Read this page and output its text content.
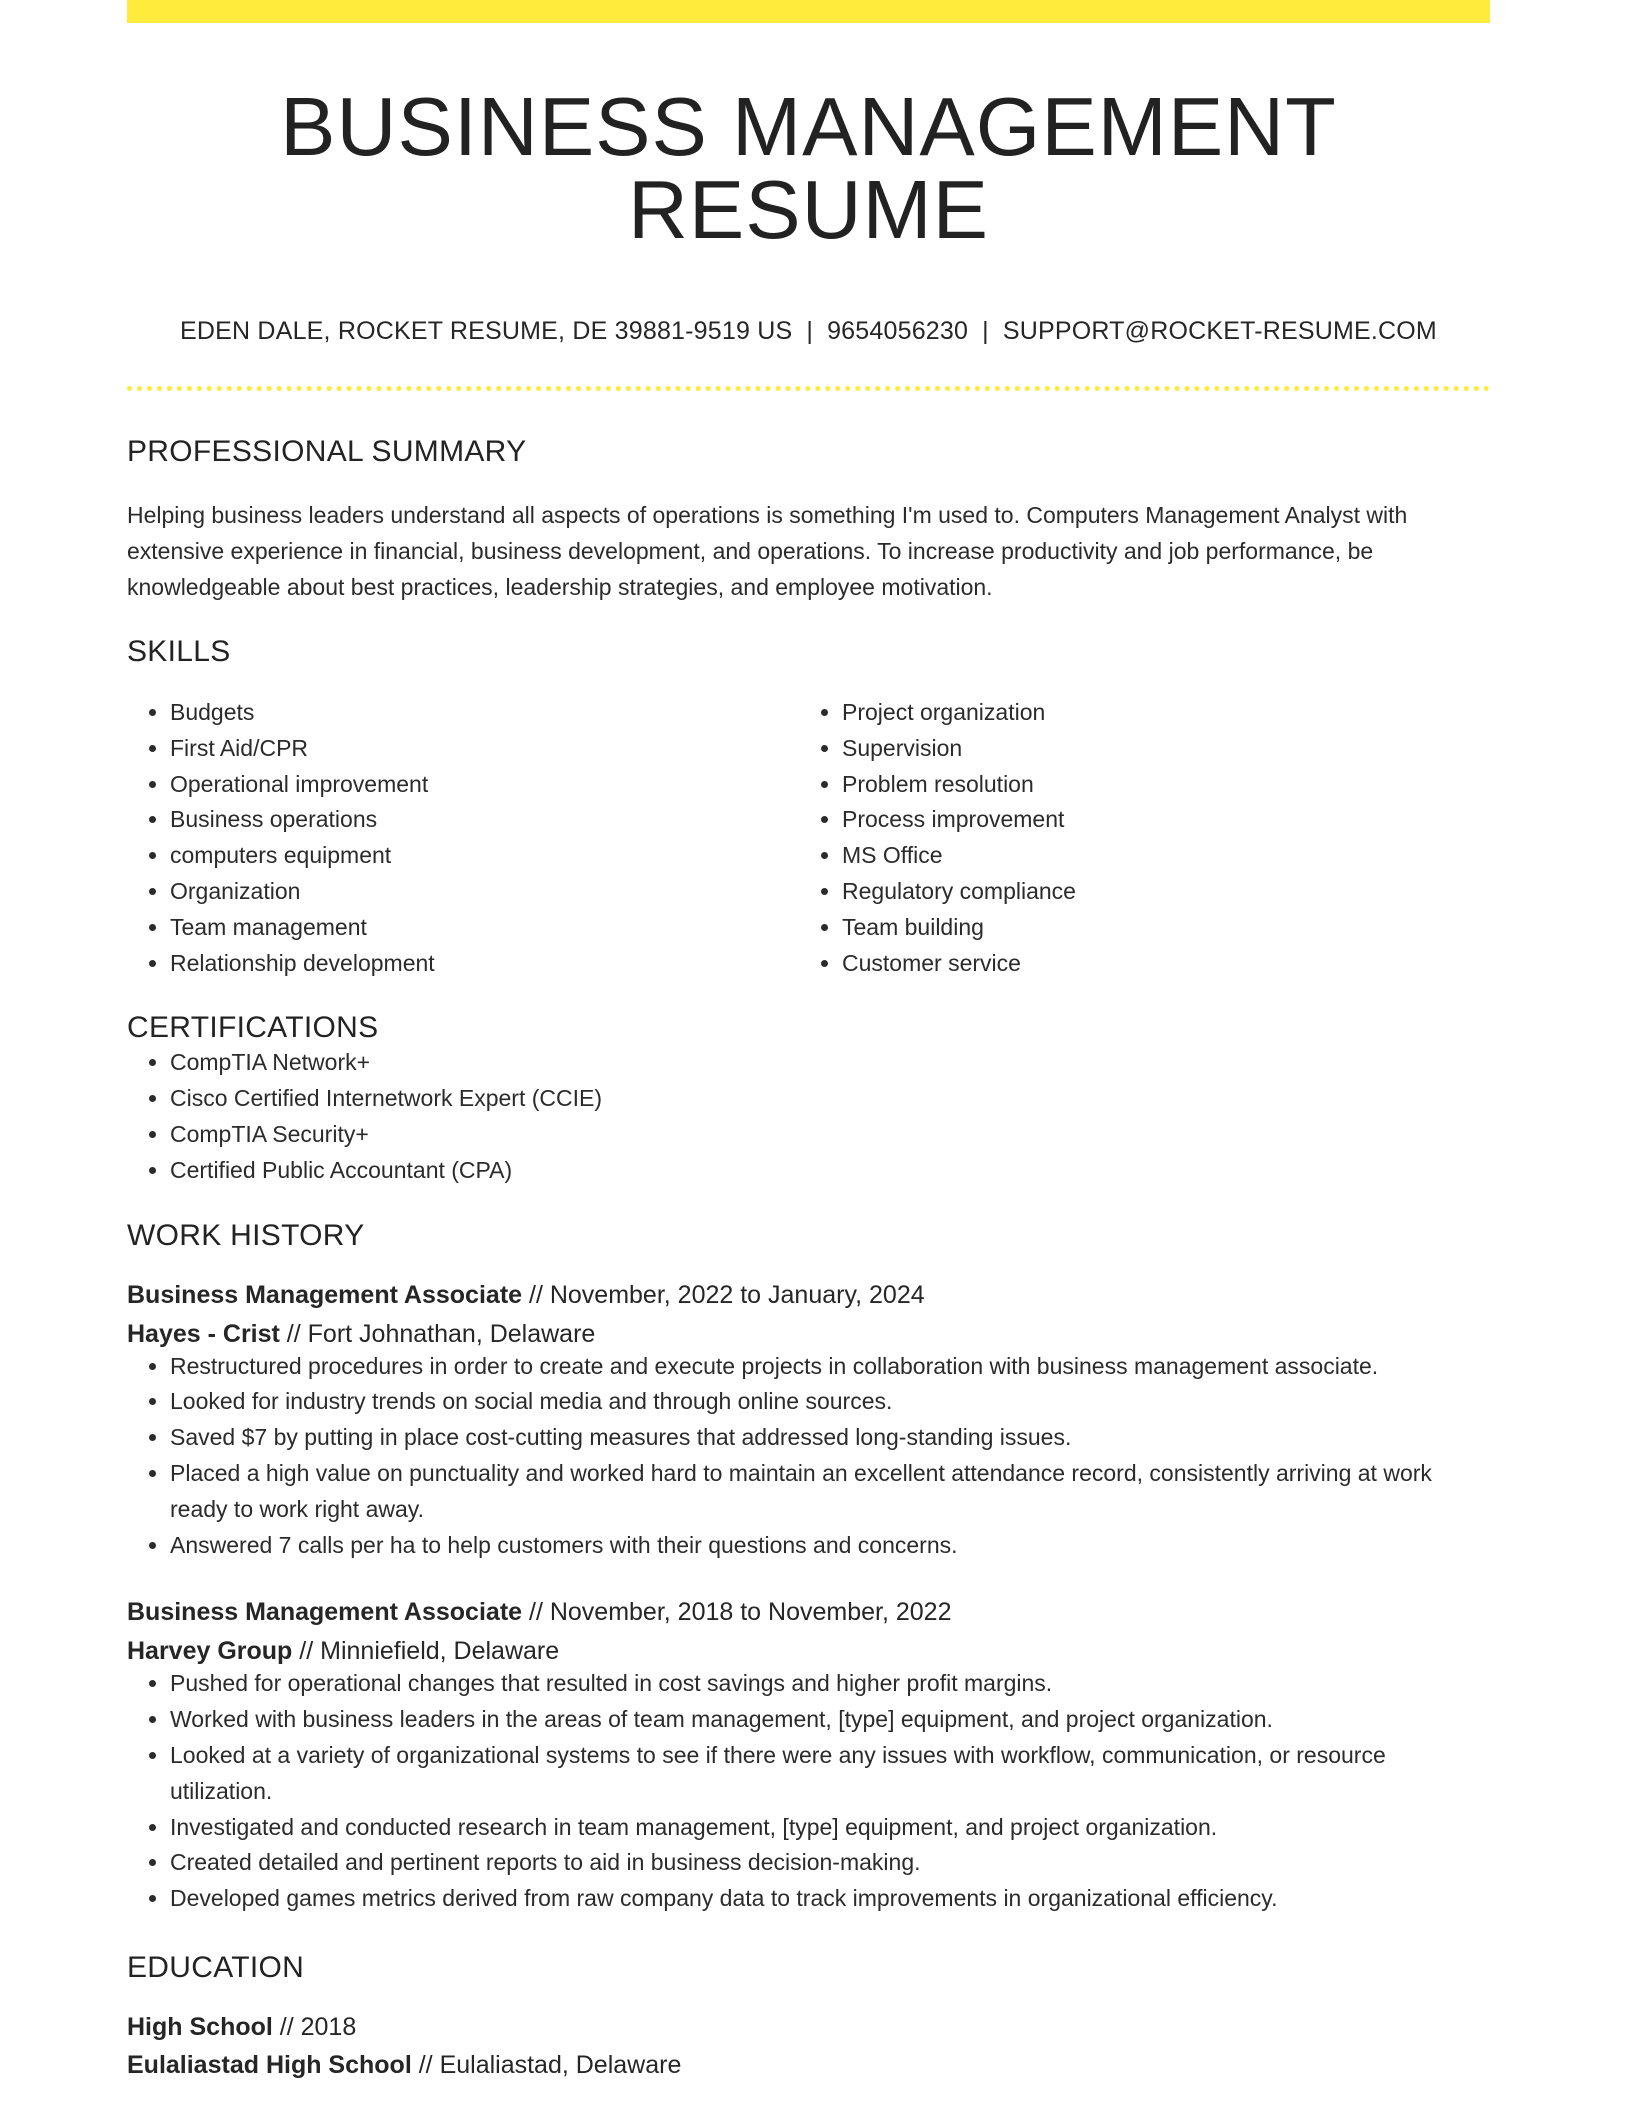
BUSINESS MANAGEMENT RESUME
EDEN DALE, ROCKET RESUME, DE 39881-9519 US | 9654056230 | SUPPORT@ROCKET-RESUME.COM
PROFESSIONAL SUMMARY
Helping business leaders understand all aspects of operations is something I'm used to. Computers Management Analyst with extensive experience in financial, business development, and operations. To increase productivity and job performance, be knowledgeable about best practices, leadership strategies, and employee motivation.
SKILLS
• Budgets
• First Aid/CPR
• Operational improvement
• Business operations
• computers equipment
• Organization
• Team management
• Relationship development
• Project organization
• Supervision
• Problem resolution
• Process improvement
• MS Office
• Regulatory compliance
• Team building
• Customer service
CERTIFICATIONS
• CompTIA Network+
• Cisco Certified Internetwork Expert (CCIE)
• CompTIA Security+
• Certified Public Accountant (CPA)
WORK HISTORY
Business Management Associate // November, 2022 to January, 2024
Hayes - Crist // Fort Johnathan, Delaware
• Restructured procedures in order to create and execute projects in collaboration with business management associate.
• Looked for industry trends on social media and through online sources.
• Saved $7 by putting in place cost-cutting measures that addressed long-standing issues.
• Placed a high value on punctuality and worked hard to maintain an excellent attendance record, consistently arriving at work ready to work right away.
• Answered 7 calls per ha to help customers with their questions and concerns.
Business Management Associate // November, 2018 to November, 2022
Harvey Group // Minniefield, Delaware
• Pushed for operational changes that resulted in cost savings and higher profit margins.
• Worked with business leaders in the areas of team management, [type] equipment, and project organization.
• Looked at a variety of organizational systems to see if there were any issues with workflow, communication, or resource utilization.
• Investigated and conducted research in team management, [type] equipment, and project organization.
• Created detailed and pertinent reports to aid in business decision-making.
• Developed games metrics derived from raw company data to track improvements in organizational efficiency.
EDUCATION
High School // 2018
Eulaliastad High School // Eulaliastad, Delaware
